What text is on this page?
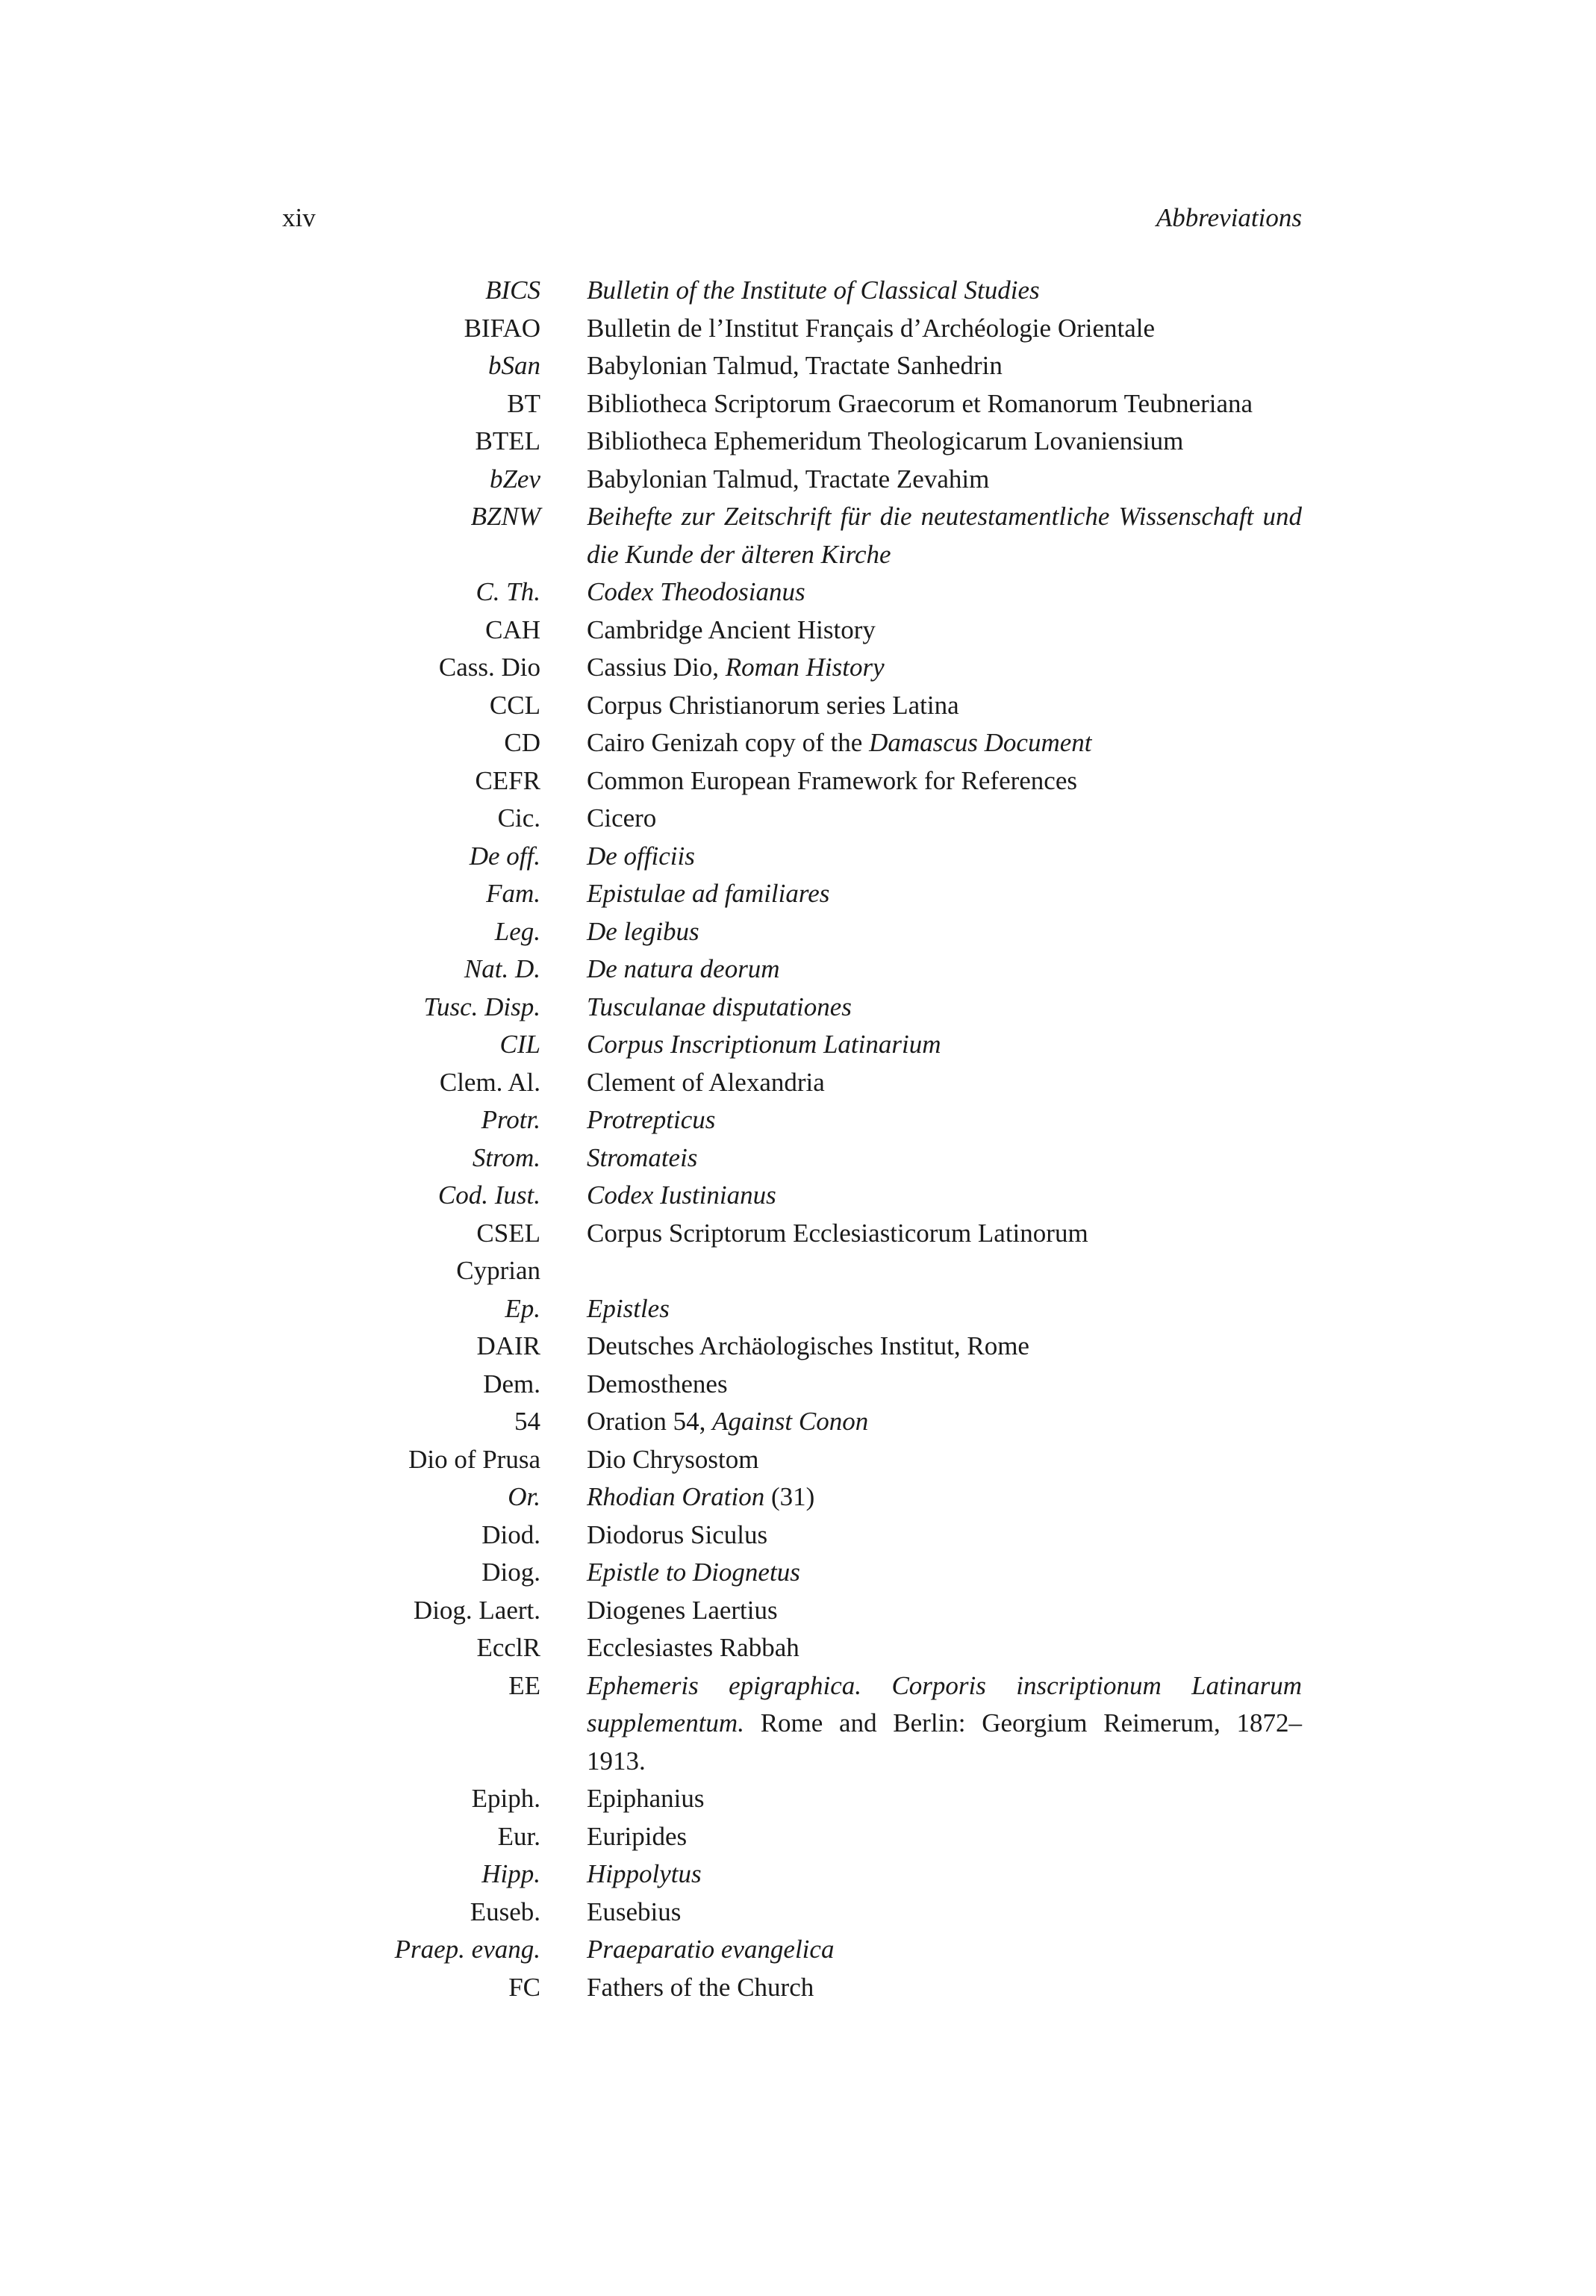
xiv	Abbreviations
BICS Bulletin of the Institute of Classical Studies
BIFAO Bulletin de l’Institut Français d’Archéologie Orientale
bSan Babylonian Talmud, Tractate Sanhedrin
BT Bibliotheca Scriptorum Graecorum et Romanorum Teubneriana
BTEL Bibliotheca Ephemeridum Theologicarum Lovaniensium
bZev Babylonian Talmud, Tractate Zevahim
BZNW Beihefte zur Zeitschrift für die neutestamentliche Wissenschaft und die Kunde der älteren Kirche
C. Th. Codex Theodosianus
CAH Cambridge Ancient History
Cass. Dio Cassius Dio, Roman History
CCL Corpus Christianorum series Latina
CD Cairo Genizah copy of the Damascus Document
CEFR Common European Framework for References
Cic. Cicero
De off. De officiis
Fam. Epistulae ad familiares
Leg. De legibus
Nat. D. De natura deorum
Tusc. Disp. Tusculanae disputationes
CIL Corpus Inscriptionum Latinarium
Clem. Al. Clement of Alexandria
Protr. Protrepticus
Strom. Stromateis
Cod. Iust. Codex Iustinianus
CSEL Corpus Scriptorum Ecclesiasticorum Latinorum
Cyprian
Ep. Epistles
DAIR Deutsches Archäologisches Institut, Rome
Dem. Demosthenes
54 Oration 54, Against Conon
Dio of Prusa Dio Chrysostom
Or. Rhodian Oration (31)
Diod. Diodorus Siculus
Diog. Epistle to Diognetus
Diog. Laert. Diogenes Laertius
EcclR Ecclesiastes Rabbah
EE Ephemeris epigraphica. Corporis inscriptionum Latinarum supplementum. Rome and Berlin: Georgium Reimerum, 1872–1913.
Epiph. Epiphanius
Eur. Euripides
Hipp. Hippolytus
Euseb. Eusebius
Praep. evang. Praeparatio evangelica
FC Fathers of the Church
